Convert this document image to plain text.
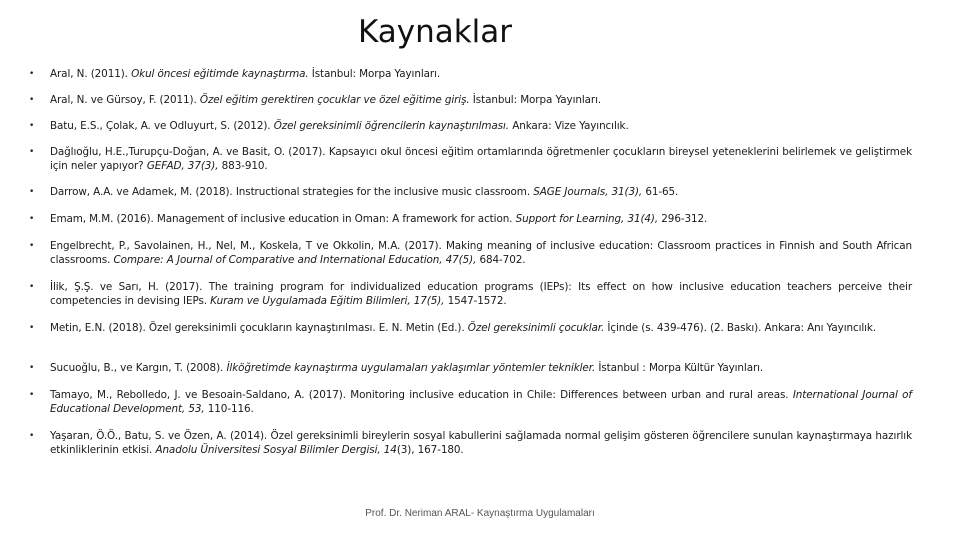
Kaynaklar
• Aral, N. (2011). Okul öncesi eğitimde kaynaştırma. İstanbul: Morpa Yayınları.
• Aral, N. ve Gürsoy, F. (2011). Özel eğitim gerektiren çocuklar ve özel eğitime giriş. İstanbul: Morpa Yayınları.
• Batu, E.S., Çolak, A. ve Odluyurt, S. (2012). Özel gereksinimli öğrencilerin kaynaştırılması. Ankara: Vize Yayıncılık.
• Dağlıoğlu, H.E.,Turupçu-Doğan, A. ve Basit, O. (2017). Kapsayıcı okul öncesi eğitim ortamlarında öğretmenler çocukların bireysel yeteneklerini belirlemek ve geliştirmek için neler yapıyor? GEFAD, 37(3), 883-910.
• Darrow, A.A. ve Adamek, M. (2018). Instructional strategies for the inclusive music classroom. SAGE Journals, 31(3), 61-65.
• Emam, M.M. (2016). Management of inclusive education in Oman: A framework for action. Support for Learning, 31(4), 296-312.
• Engelbrecht, P., Savolainen, H., Nel, M., Koskela, T ve Okkolin, M.A. (2017). Making meaning of inclusive education: Classroom practices in Finnish and South African classrooms. Compare: A Journal of Comparative and International Education, 47(5), 684-702.
• İlik, Ş.Ş. ve Sarı, H. (2017). The training program for individualized education programs (IEPs): Its effect on how inclusive education teachers perceive their competencies in devising IEPs. Kuram ve Uygulamada Eğitim Bilimleri, 17(5), 1547-1572.
• Metin, E.N. (2018). Özel gereksinimli çocukların kaynaştırılması. E. N. Metin (Ed.). Özel gereksinimli çocuklar. İçinde (s. 439-476). (2. Baskı). Ankara: Anı Yayıncılık.
• Sucuoğlu, B., ve Kargın, T. (2008). İlköğretimde kaynaştırma uygulamaları yaklaşımlar yöntemler teknikler. İstanbul : Morpa Kültür Yayınları.
• Tamayo, M., Rebolledo, J. ve Besoain-Saldano, A. (2017). Monitoring inclusive education in Chile: Differences between urban and rural areas. International Journal of Educational Development, 53, 110-116.
• Yaşaran, Ö.Ö., Batu, S. ve Özen, A. (2014). Özel gereksinimli bireylerin sosyal kabullerini sağlamada normal gelişim gösteren öğrencilere sunulan kaynaştırmaya hazırlık etkinliklerinin etkisi. Anadolu Üniversitesi Sosyal Bilimler Dergisi, 14(3), 167-180.
Prof. Dr. Neriman ARAL- Kaynaştırma Uygulamaları
